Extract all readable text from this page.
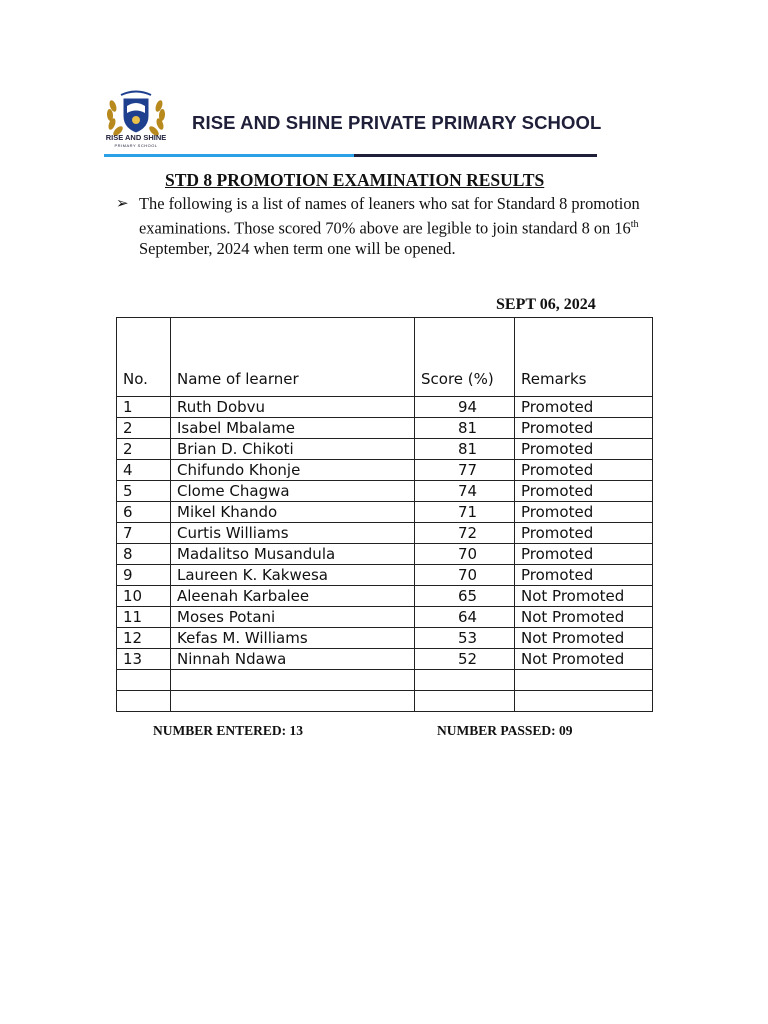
RISE AND SHINE
PRIMARY SCHOOL
RISE AND SHINE PRIVATE PRIMARY SCHOOL
STD 8 PROMOTION EXAMINATION RESULTS
➢ The following is a list of names of leaners who sat for Standard 8 promotion examinations. Those scored 70% above are legible to join standard 8 on 16th September, 2024 when term one will be opened.
SEPT 06, 2024
No.	Name of learner	Score (%)	Remarks
1	Ruth Dobvu	94	Promoted
2	Isabel Mbalame	81	Promoted
2	Brian D. Chikoti	81	Promoted
4	Chifundo Khonje	77	Promoted
5	Clome Chagwa	74	Promoted
6	Mikel Khando	71	Promoted
7	Curtis Williams	72	Promoted
8	Madalitso Musandula	70	Promoted
9	Laureen K. Kakwesa	70	Promoted
10	Aleenah Karbalee	65	Not Promoted
11	Moses Potani	64	Not Promoted
12	Kefas M. Williams	53	Not Promoted
13	Ninnah Ndawa	52	Not Promoted

NUMBER ENTERED: 13	NUMBER PASSED: 09
